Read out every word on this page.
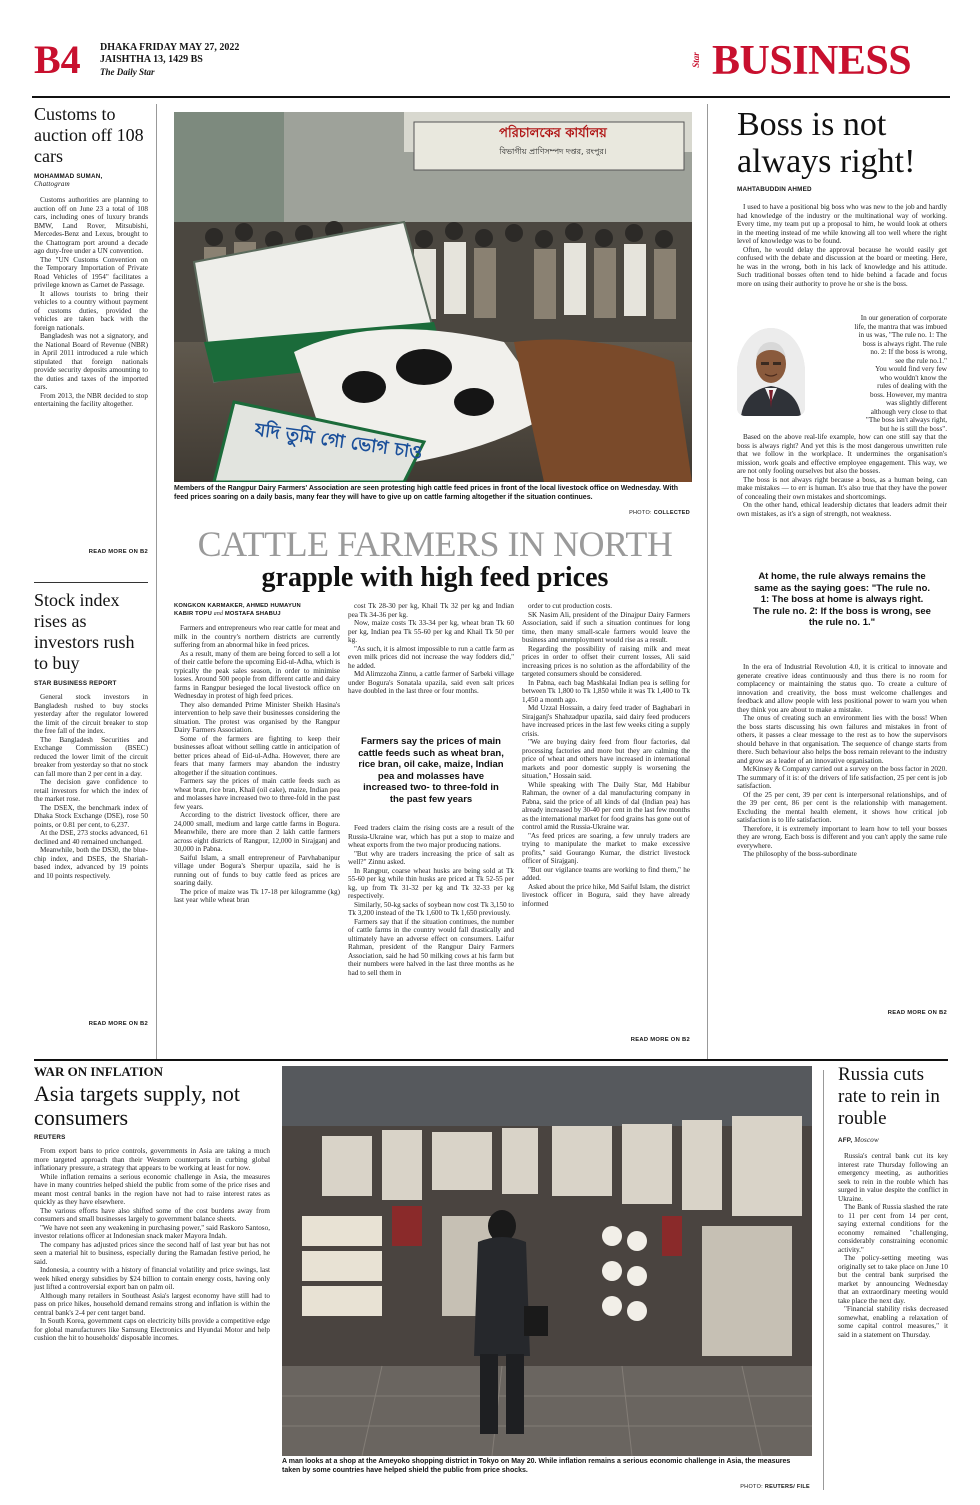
B4 DHAKA FRIDAY MAY 27, 2022
JAISHTHA 13, 1429 BS
The Daily Star
Star BUSINESS
Customs to auction off 108 cars
MOHAMMAD SUMAN,
Chattogram

Customs authorities are planning to auction off on June 23 a total of 108 cars, including ones of luxury brands BMW, Land Rover, Mitsubishi, Mercedes-Benz and Lexus, brought to the Chattogram port around a decade ago duty-free under a UN convention.

The "UN Customs Convention on the Temporary Importation of Private Road Vehicles of 1954" facilitates a privilege known as Carnet de Passage.

It allows tourists to bring their vehicles to a country without payment of customs duties, provided the vehicles are taken back with the foreign nationals.

Bangladesh was not a signatory, and the National Board of Revenue (NBR) in April 2011 introduced a rule which stipulated that foreign nationals provide security deposits amounting to the duties and taxes of the imported cars.

From 2013, the NBR decided to stop entertaining the facility altogether.

READ MORE ON B2
Stock index rises as investors rush to buy
STAR BUSINESS REPORT

General stock investors in Bangladesh rushed to buy stocks yesterday after the regulator lowered the limit of the circuit breaker to stop the free fall of the index.

The Bangladesh Securities and Exchange Commission (BSEC) reduced the lower limit of the circuit breaker from yesterday so that no stock can fall more than 2 per cent in a day.

The decision gave confidence to retail investors for which the index of the market rose.

The DSEX, the benchmark index of Dhaka Stock Exchange (DSE), rose 50 points, or 0.81 per cent, to 6,237.

At the DSE, 273 stocks advanced, 61 declined and 40 remained unchanged.

Meanwhile, both the DS30, the blue-chip index, and DSES, the Shariah-based index, advanced by 19 points and 10 points respectively.

READ MORE ON B2
পরিচালকের কার্যালয়
বিভাগীয় প্রাণিসম্পদ দপ্তর, রংপুর।
যদি তুমি গো ভোগ চাও
Members of the Rangpur Dairy Farmers' Association are seen protesting high cattle feed prices in front of the local livestock office on Wednesday. With feed prices soaring on a daily basis, many fear they will have to give up on cattle farming altogether if the situation continues.
PHOTO: COLLECTED
CATTLE FARMERS IN NORTH
grapple with high feed prices
KONGKON KARMAKER, AHMED HUMAYUN
KABIR TOPU and MOSTAFA SHABUJ

Farmers and entrepreneurs who rear cattle for meat and milk in the country's northern districts are currently suffering from an abnormal hike in feed prices.

As a result, many of them are being forced to sell a lot of their cattle before the upcoming Eid-ul-Adha, which is typically the peak sales season, in order to minimise losses. Around 500 people from different cattle and dairy farms in Rangpur besieged the local livestock office on Wednesday in protest of high feed prices.

They also demanded Prime Minister Sheikh Hasina's intervention to help save their businesses considering the situation. The protest was organised by the Rangpur Dairy Farmers Association.

Some of the farmers are fighting to keep their businesses afloat without selling cattle in anticipation of better prices ahead of Eid-ul-Adha. However, there are fears that many farmers may abandon the industry altogether if the situation continues.

Farmers say the prices of main cattle feeds such as wheat bran, rice bran, Khail (oil cake), maize, Indian pea and molasses have increased two to three-fold in the past few years.

According to the district livestock officer, there are 24,000 small, medium and large cattle farms in Bogura. Meanwhile, there are more than 2 lakh cattle farmers across eight districts of Rangpur, 12,000 in Sirajganj and 30,000 in Pabna.

Saiful Islam, a small entrepreneur of Parvhabanipur village under Bogura's Sherpur upazila, said he is running out of funds to buy cattle feed as prices are soaring daily.

The price of maize was Tk 17-18 per kilogramme (kg) last year while wheat bran

cost Tk 28-30 per kg, Khail Tk 32 per kg and Indian pea Tk 34-36 per kg.

Now, maize costs Tk 33-34 per kg, wheat bran Tk 60 per kg, Indian pea Tk 55-60 per kg and Khail Tk 50 per kg.

"As such, it is almost impossible to run a cattle farm as even milk prices did not increase the way fodders did," he added.

Md Alimzzoha Zinnu, a cattle farmer of Sarbeki village under Bogura's Sonatala upazila, said even salt prices have doubled in the last three or four months.

Farmers say the prices of main cattle feeds such as wheat bran, rice bran, oil cake, maize, Indian pea and molasses have increased two- to three-fold in the past few years

Feed traders claim the rising costs are a result of the Russia-Ukraine war, which has put a stop to maize and wheat exports from the two major producing nations.

"But why are traders increasing the price of salt as well?" Zinnu asked.

In Rangpur, coarse wheat husks are being sold at Tk 55-60 per kg while thin husks are priced at Tk 52-55 per kg, up from Tk 31-32 per kg and Tk 32-33 per kg respectively.

Similarly, 50-kg sacks of soybean now cost Tk 3,150 to Tk 3,200 instead of the Tk 1,600 to Tk 1,650 previously.

Farmers say that if the situation continues, the number of cattle farms in the country would fall drastically and ultimately have an adverse effect on consumers. Laifur Rahman, president of the Rangpur Dairy Farmers Association, said he had 50 milking cows at his farm but their numbers were halved in the last three months as he had to sell them in

order to cut production costs.

SK Nasim Ali, president of the Dinajpur Dairy Farmers Association, said if such a situation continues for long time, then many small-scale farmers would leave the business and unemployment would rise as a result.

Regarding the possibility of raising milk and meat prices in order to offset their current losses, Ali said increasing prices is no solution as the affordability of the targeted consumers should be considered.

In Pabna, each bag Mashkalai Indian pea is selling for between Tk 1,800 to Tk 1,850 while it was Tk 1,400 to Tk 1,450 a month ago.

Md Uzzal Hossain, a dairy feed trader of Baghabari in Sirajganj's Shahzadpur upazila, said dairy feed producers have increased prices in the last few weeks citing a supply crisis.

"We are buying dairy feed from flour factories, dal processing factories and more but they are calming the price of wheat and others have increased in international markets and poor domestic supply is worsening the situation," Hossain said.

While speaking with The Daily Star, Md Habibur Rahman, the owner of a dal manufacturing company in Pabna, said the price of all kinds of dal (Indian pea) has already increased by 30-40 per cent in the last few months as the international market for food grains has gone out of control amid the Russia-Ukraine war.

"As feed prices are soaring, a few unruly traders are trying to manipulate the market to make excessive profits," said Gourango Kumar, the district livestock officer of Sirajganj.

"But our vigilance teams are working to find them," he added.

Asked about the price hike, Md Saiful Islam, the district livestock officer in Bogura, said they have already informed

READ MORE ON B2
Boss is not always right!
MAHTABUDDIN AHMED

I used to have a positional big boss who was new to the job and hardly had knowledge of the industry or the multinational way of working. Every time, my team put up a proposal to him, he would look at others in the meeting instead of me while knowing all too well where the right level of knowledge was to be found.

Often, he would delay the approval because he would easily get confused with the debate and discussion at the board or meeting. Here, he was in the wrong, both in his lack of knowledge and his attitude. Such traditional bosses often tend to hide behind a facade and focus more on using their authority to prove he or she is the boss.

In our generation of corporate
life, the mantra that was imbued
in us was, "The rule no. 1: The
boss is always right. The rule
no. 2: If the boss is wrong,
see the rule no.1."
You would find very few
who wouldn't know the
rules of dealing with the
boss. However, my mantra
was slightly different
although very close to that
"The boss isn't always right,
but he is still the boss".

Based on the above real-life example, how can one still say that the boss is always right? And yet this is the most dangerous unwritten rule that we follow in the workplace. It undermines the organisation's mission, work goals and effective employee engagement. This way, we are not only fooling ourselves but also the bosses.

The boss is not always right because a boss, as a human being, can make mistakes — to err is human. It's also true that they have the power of concealing their own mistakes and shortcomings.

On the other hand, ethical leadership dictates that leaders admit their own mistakes, as it's a sign of strength, not weakness.

At home, the rule always remains the same as the saying goes: "The rule no. 1: The boss at home is always right. The rule no. 2: If the boss is wrong, see the rule no. 1."

In the era of Industrial Revolution 4.0, it is critical to innovate and generate creative ideas continuously and thus there is no room for complacency or maintaining the status quo. To create a culture of innovation and creativity, the boss must welcome challenges and feedback and allow people with less positional power to warn you when they think you are about to make a mistake.

The onus of creating such an environment lies with the boss! When the boss starts discussing his own failures and mistakes in front of others, it passes a clear message to the rest as to how the supervisors should behave in that organisation. The sequence of change starts from there. Such behaviour also helps the boss remain relevant to the industry and grow as a leader of an innovative organisation.

McKinsey & Company carried out a survey on the boss factor in 2020. The summary of it is: of the drivers of life satisfaction, 25 per cent is job satisfaction.

Of the 25 per cent, 39 per cent is interpersonal relationships, and of the 39 per cent, 86 per cent is the relationship with management. Excluding the mental health element, it shows how critical job satisfaction is to life satisfaction.

Therefore, it is extremely important to learn how to tell your bosses they are wrong. Each boss is different and you can't apply the same rule everywhere.

The philosophy of the boss-subordinate

READ MORE ON B2
WAR ON INFLATION
Asia targets supply, not consumers
REUTERS

From export bans to price controls, governments in Asia are taking a much more targeted approach than their Western counterparts in curbing global inflationary pressure, a strategy that appears to be working at least for now.

While inflation remains a serious economic challenge in Asia, the measures have in many countries helped shield the public from some of the price rises and meant most central banks in the region have not had to raise interest rates as quickly as they have elsewhere.

The various efforts have also shifted some of the cost burdens away from consumers and small businesses largely to government balance sheets.

"We have not seen any weakening in purchasing power," said Raskoro Santoso, investor relations officer at Indonesian snack maker Mayora Indah.

The company has adjusted prices since the second half of last year but has not seen a material hit to business, especially during the Ramadan festive period, he said.

Indonesia, a country with a history of financial volatility and price swings, last week hiked energy subsidies by $24 billion to contain energy costs, having only just lifted a controversial export ban on palm oil.

Although many retailers in Southeast Asia's largest economy have still had to pass on price hikes, household demand remains strong and inflation is within the central bank's 2-4 per cent target band.

In South Korea, government caps on electricity bills provide a competitive edge for global manufacturers like Samsung Electronics and Hyundai Motor and help cushion the hit to households' disposable incomes.

A man looks at a shop at the Ameyoko shopping district in Tokyo on May 20. While inflation remains a serious economic challenge in Asia, the measures taken by some countries have helped shield the public from price shocks.
PHOTO: REUTERS/ FILE
Russia cuts rate to rein in rouble
AFP, Moscow

Russia's central bank cut its key interest rate Thursday following an emergency meeting, as authorities seek to rein in the rouble which has surged in value despite the conflict in Ukraine.

The Bank of Russia slashed the rate to 11 per cent from 14 per cent, saying external conditions for the economy remained "challenging, considerably constraining economic activity."

The policy-setting meeting was originally set to take place on June 10 but the central bank surprised the market by announcing Wednesday that an extraordinary meeting would take place the next day.

"Financial stability risks decreased somewhat, enabling a relaxation of some capital control measures," it said in a statement on Thursday.
